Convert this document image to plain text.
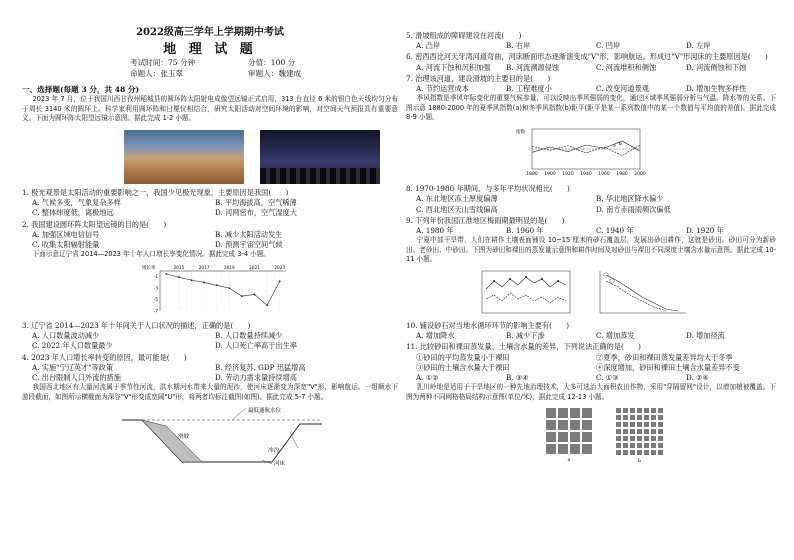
2022级高三学年上学期期中考试
地 理 试 题
考试时间：75 分钟	分值：100 分
命题人：张玉翠	审题人：魏建成
一、选择题(每题 3 分，共 48 分)

2023 年 7 月，位于我国川西甘孜州稻城县的圆环阵太阳射电成像望远镜正式启用，313 台直径 6 米的银白色天线均匀分布于周长 3140 米的圆环上。科学家利用圆环阵和日冕仪相结合，研究太阳活动对空间环境的影响，对空间天气预报具有重要意义。下面为圆环阵太阳望远镜示意图。据此完成 1-2 小题。

1. 极光观景是太阳活动的重要影响之一，我国少见极光现象，主要原因是我国(　　)

A. 气候多变，气象复杂多样	B. 平均海拔高，空气稀薄
C. 整体纬度低，离极地远	D. 河网密布，空气湿度大

2. 我国建设圆环阵太阳望远镜的目的是(　　)

A. 加强区域电信信号	B. 减少太阳活动发生
C. 收集太阳辐射能量	D. 预测宇宙空间气候

下面示意辽宁省 2014—2023 年十年人口增长率变化情况。据此完成 3-4 小题。

增长率	2015	2017	2019	2021	2023
-1
-3
-5
-7

3. 辽宁省 2014—2023 年十年间关于人口状况的描述，正确的是(　　)

A. 人口数量波动减少	B. 人口数量持续减少
C. 2022 年人口数量最少	D. 人口死亡率高于出生率

4. 2023 年人口增长率转变的原因，最可能是(　　)

A. 实施"宁辽英才"等政策	B. 经济复苏, GDP 迅猛增高
C. 出台限制人口外流的措施	D. 劳动力需求量持续增高

我国西北地区有大量河流属于季节性河流，洪水期河水带来大量的泥沙，使河床逐渐变为深宽"V"形，影响航运。一组顺水下游段截面，如图所示横截面为深谷"V"形变成宽阔"U"形，将两者均标注截图(如图)。据此完成 5-7 小题。

最低通航水位
滑坡
河床
冲沟

5. 滑坡组成的障碍建设在河流(　　)

A. 凸岸	B. 右岸	C. 凹岸	D. 左岸

6. 密西西比河天牙湾河道弯曲，河床断面形态逐渐演变成"V"形，影响航运。形成过"V"形河床的主要原因是(　　)

A. 河流下蚀和沉积加强	B. 河流溯源侵蚀	C. 河流堆积和侧蚀	D. 河流侧蚀和下蚀

7. 治理该河道，建设滑坡的主要目的是(　　)

A. 节约运营成本	B. 工程难度小	C. 改变河道景观	D. 增加生物多样性

季风指数是季风年际变化的重要气候参量，可以反映出季风强弱的变化，通过区域季风强弱分析与气温、降水等的关系。下图示意 1880-2000 年的夏季风指数(a)和冬季风指数(b)距平(距平是某一系列数值中的某一个数值与平均值的差值)。据此完成 8-9 小题。

1880 1900 1920 1940 1960 1980 2000
指数
a b

8. 1970-1980 年期间，与多年平均状况相比(　　)

A. 东北地区冻土厚度偏薄	B. 华北地区降水偏少
C. 西北地区天山雪线偏高	D. 南方赤雨雨频次偏低

9. 下列年份我国江淮地区梅雨期最明显的是(　　)

A. 1980 年	B. 1960 年	C. 1940 年	D. 1920 年

宁夏中部干旱带，人们在耕作土壤表面铺设 10~15 厘米的砂石覆盖层，发展出砂田耕作，这就是砂田。砂田可分为新砂田、老砂田、中砂田。下图为砂田和裸田的蒸发量示意图和耕作时间及对砂田与裸田不同深度土壤含水量示意图。据此完成 10-11 小题。

10. 铺设砂石对当地水循环环节的影响主要有(　　)

A. 增加降水	B. 减少下渗	C. 增加蒸发	D. 增加径流

11. 比较砂田和裸田蒸发量、土壤含水量的差异，下列说法正确的是(　　)

①砂田的平均蒸发量小于裸田	②夏季，砂田和裸田蒸发量差异均大于冬季
③砂田的土壤含水量大于裸田	④深度增加，砂田和裸田土壤含水量差异不变
A. ①②	B. ③④	C. ①③	D. ②④

乳川岭地是适用于干旱地区的一种先地治理技术，大多可选治大面积农田作物，采用"穿隔留网"设计，以增加植被覆盖。下图为两种不同网格格局结构示意图(单位/米)，据此完成 12-13 小题。

a	b
